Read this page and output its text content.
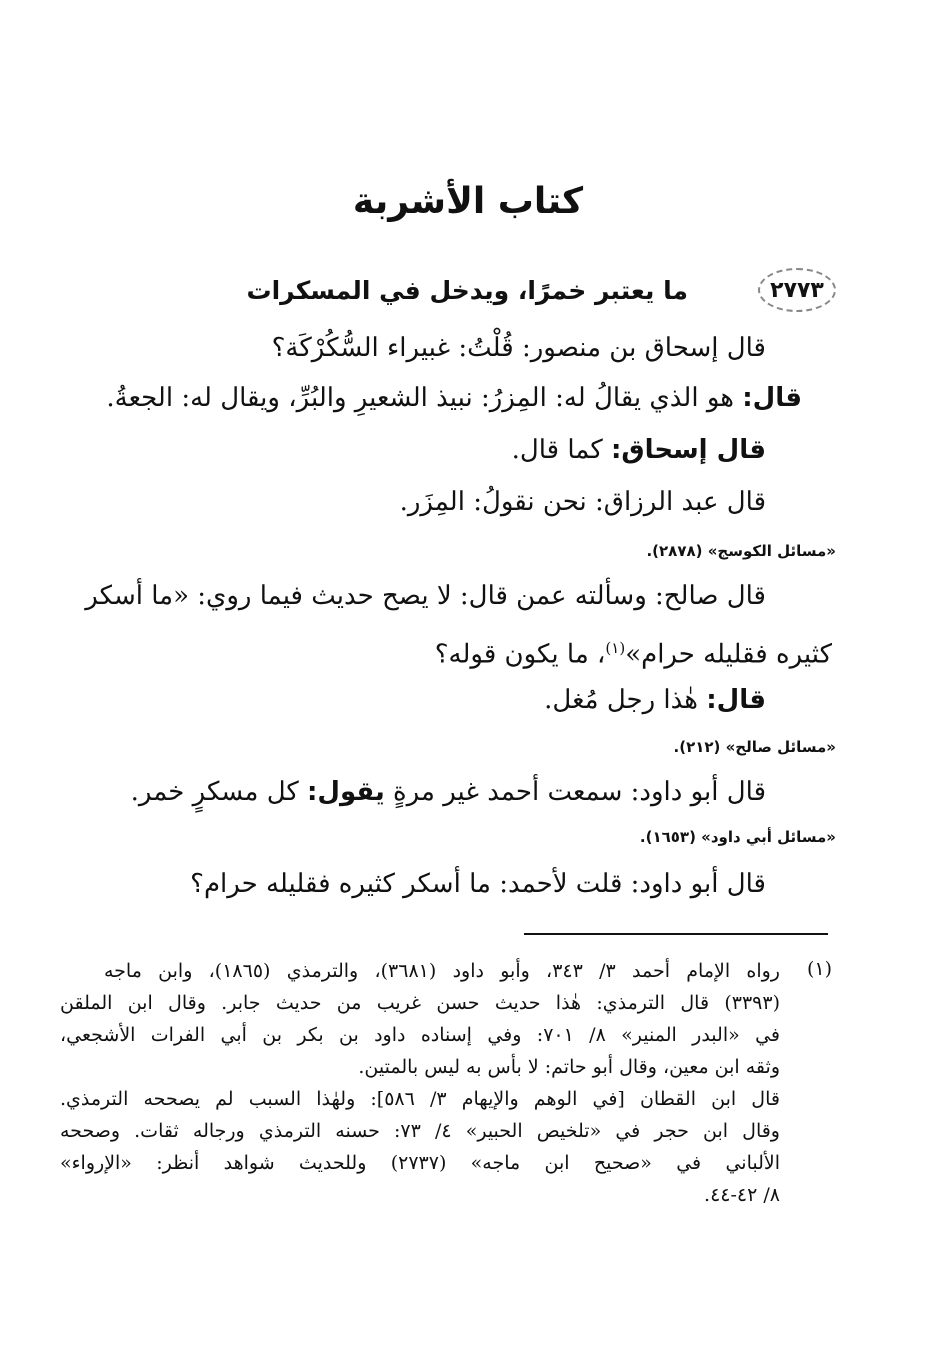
كتاب الأشربة
٢٧٧٣
ما يعتبر خمرًا، ويدخل في المسكرات
قال إسحاق بن منصور: قُلْتُ: غبيراء السُّكُرْكَة؟
قال: هو الذي يقالُ له: المِزرُ: نبيذ الشعيرِ والبُرِّ، ويقال له: الجعةُ.
قال إسحاق: كما قال.
قال عبد الرزاق: نحن نقولُ: المِزَر.
«مسائل الكوسج» (٢٨٧٨).
قال صالح: وسألته عمن قال: لا يصح حديث فيما روي: «ما أسكر
كثيره فقليله حرام»$^{(١)}$، ما يكون قوله؟
قال: هٰذا رجل مُغل.
«مسائل صالح» (٢١٢).
قال أبو داود: سمعت أحمد غير مرةٍ يقول: كل مسكرٍ خمر.
«مسائل أبي داود» (١٦٥٣).
قال أبو داود: قلت لأحمد: ما أسكر كثيره فقليله حرام؟
(١)
رواه الإمام أحمد ٣/ ٣٤٣، وأبو داود (٣٦٨١)، والترمذي (١٨٦٥)، وابن ماجه
(٣٣٩٣) قال الترمذي: هٰذا حديث حسن غريب من حديث جابر. وقال ابن الملقن
في «البدر المنير» ٨/ ٧٠١: وفي إسناده داود بن بكر بن أبي الفرات الأشجعي،
وثقه ابن معين، وقال أبو حاتم: لا بأس به ليس بالمتين.
قال ابن القطان [في الوهم والإيهام ٣/ ٥٨٦]: ولهٰذا السبب لم يصححه الترمذي.
وقال ابن حجر في «تلخيص الحبير» ٤/ ٧٣: حسنه الترمذي ورجاله ثقات. وصححه
الألباني في «صحيح ابن ماجه» (٢٧٣٧) وللحديث شواهد أنظر: «الإرواء»
٨/ ٤٢-٤٤.
